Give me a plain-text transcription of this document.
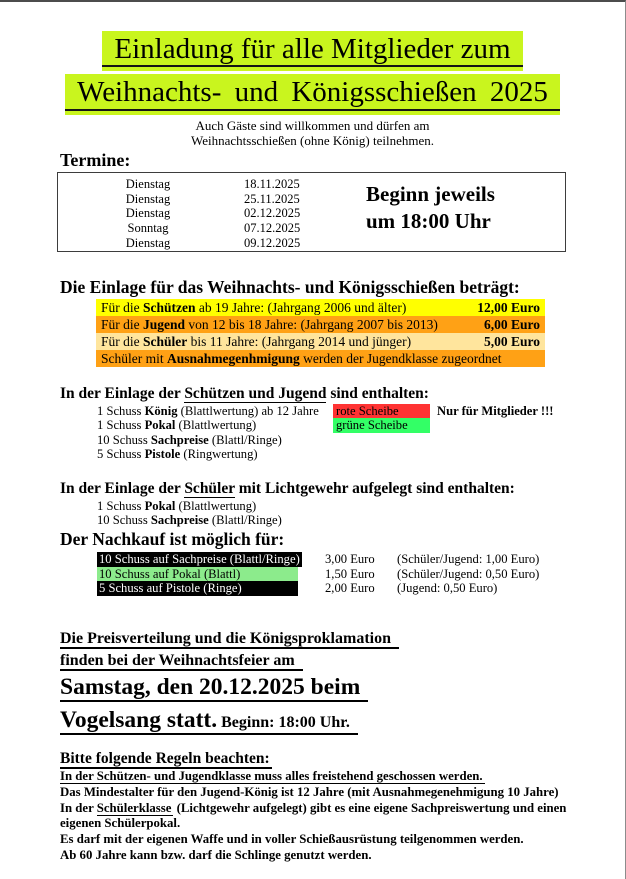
Einladung für alle Mitglieder zum
Weihnachts- und Königsschießen 2025
Auch Gäste sind willkommen und dürfen am
Weihnachtsschießen (ohne König) teilnehmen.
Termine:
Dienstag	18.11.2025
Dienstag	25.11.2025
Dienstag	02.12.2025
Sonntag	07.12.2025
Dienstag	09.12.2025
Beginn jeweils
um 18:00 Uhr
Die Einlage für das Weihnachts- und Königsschießen beträgt:
Für die Schützen ab 19 Jahre: (Jahrgang 2006 und älter)	12,00 Euro
Für die Jugend von 12 bis 18 Jahre: (Jahrgang 2007 bis 2013)	6,00 Euro
Für die Schüler bis 11 Jahre: (Jahrgang 2014 und jünger)	5,00 Euro
Schüler mit Ausnahmegenhmigung werden der Jugendklasse zugeordnet
In der Einlage der Schützen und Jugend sind enthalten:
1 Schuss König (Blattlwertung) ab 12 Jahre rote Scheibe	Nur für Mitglieder !!!
1 Schuss Pokal (Blattlwertung)	grüne Scheibe
10 Schuss Sachpreise (Blattl/Ringe)
5 Schuss Pistole (Ringwertung)
In der Einlage der Schüler mit Lichtgewehr aufgelegt sind enthalten:
1 Schuss Pokal (Blattlwertung)
10 Schuss Sachpreise (Blattl/Ringe)
Der Nachkauf ist möglich für:
10 Schuss auf Sachpreise (Blattl/Ringe) 3,00 Euro (Schüler/Jugend: 1,00 Euro)
10 Schuss auf Pokal (Blattl)	1,50 Euro (Schüler/Jugend: 0,50 Euro)
5 Schuss auf Pistole (Ringe)	2,00 Euro (Jugend: 0,50 Euro)
Die Preisverteilung und die Königsproklamation
finden bei der Weihnachtsfeier am
Samstag, den 20.12.2025 beim
Vogelsang statt. Beginn: 18:00 Uhr.
Bitte folgende Regeln beachten:
In der Schützen- und Jugendklasse muss alles freistehend geschossen werden.
Das Mindestalter für den Jugend-König ist 12 Jahre (mit Ausnahmegenehmigung 10 Jahre)
In der Schülerklasse (Lichtgewehr aufgelegt) gibt es eine eigene Sachpreiswertung und einen eigenen Schülerpokal.
Es darf mit der eigenen Waffe und in voller Schießausrüstung teilgenommen werden.
Ab 60 Jahre kann bzw. darf die Schlinge genutzt werden.
